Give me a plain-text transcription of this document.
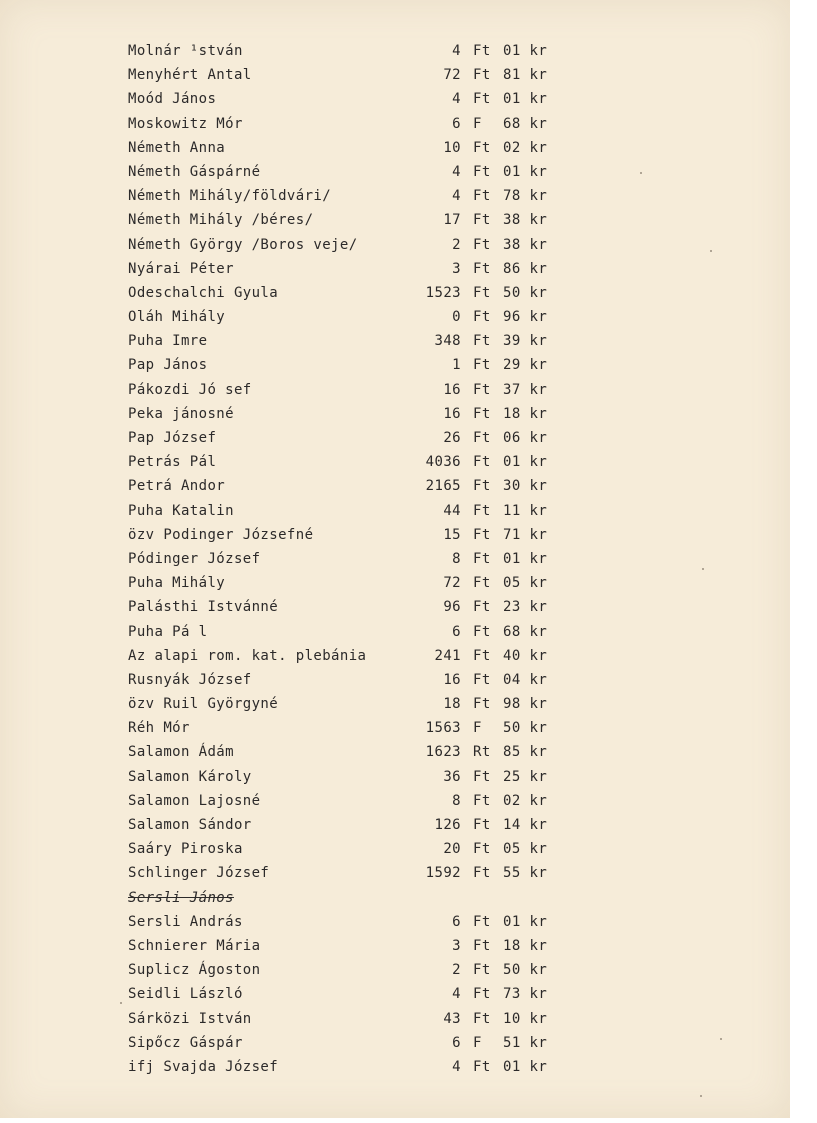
Molnár ¹stván	4 Ft 01 kr
Menyhért Antal	72 Ft 81 kr
Moód János	4 Ft 01 kr
Moskowitz Mór	6 F 68 kr
Németh Anna	10 Ft 02 kr
Németh Gáspárné	4 Ft 01 kr
Németh Mihály/földvári/	4 Ft 78 kr
Németh Mihály /béres/	17 Ft 38 kr
Németh György /Boros veje/	2 Ft 38 kr
Nyárai Péter	3 Ft 86 kr
Odeschalchi Gyula	1523 Ft 50 kr
Oláh Mihály	0 Ft 96 kr
Puha Imre	348 Ft 39 kr
Pap János	1 Ft 29 kr
Pákozdi Jó sef	16 Ft 37 kr
Peka jánosné	16 Ft 18 kr
Pap József	26 Ft 06 kr
Petrás Pál	4036 Ft 01 kr
Petrá Andor	2165 Ft 30 kr
Puha Katalin	44 Ft 11 kr
özv Podinger Józsefné	15 Ft 71 kr
Pódinger József	8 Ft 01 kr
Puha Mihály	72 Ft 05 kr
Palásthi Istvánné	96 Ft 23 kr
Puha Pá l	6 Ft 68 kr
Az alapi rom. kat. plebánia	241 Ft 40 kr
Rusnyák József	16 Ft 04 kr
özv Ruil Györgyné	18 Ft 98 kr
Réh Mór	1563 F 50 kr
Salamon Ádám	1623 Rt 85 kr
Salamon Károly	36 Ft 25 kr
Salamon Lajosné	8 Ft 02 kr
Salamon Sándor	126 Ft 14 kr
Saáry Piroska	20 Ft 05 kr
Schlinger József	1592 Ft 55 kr
Sersli János
Sersli András	6 Ft 01 kr
Schnierer Mária	3 Ft 18 kr
Suplicz Ágoston	2 Ft 50 kr
Seidli László	4 Ft 73 kr
Sárközi István	43 Ft 10 kr
Sipőcz Gáspár	6 F 51 kr
ifj Svajda József	4 Ft 01 kr
